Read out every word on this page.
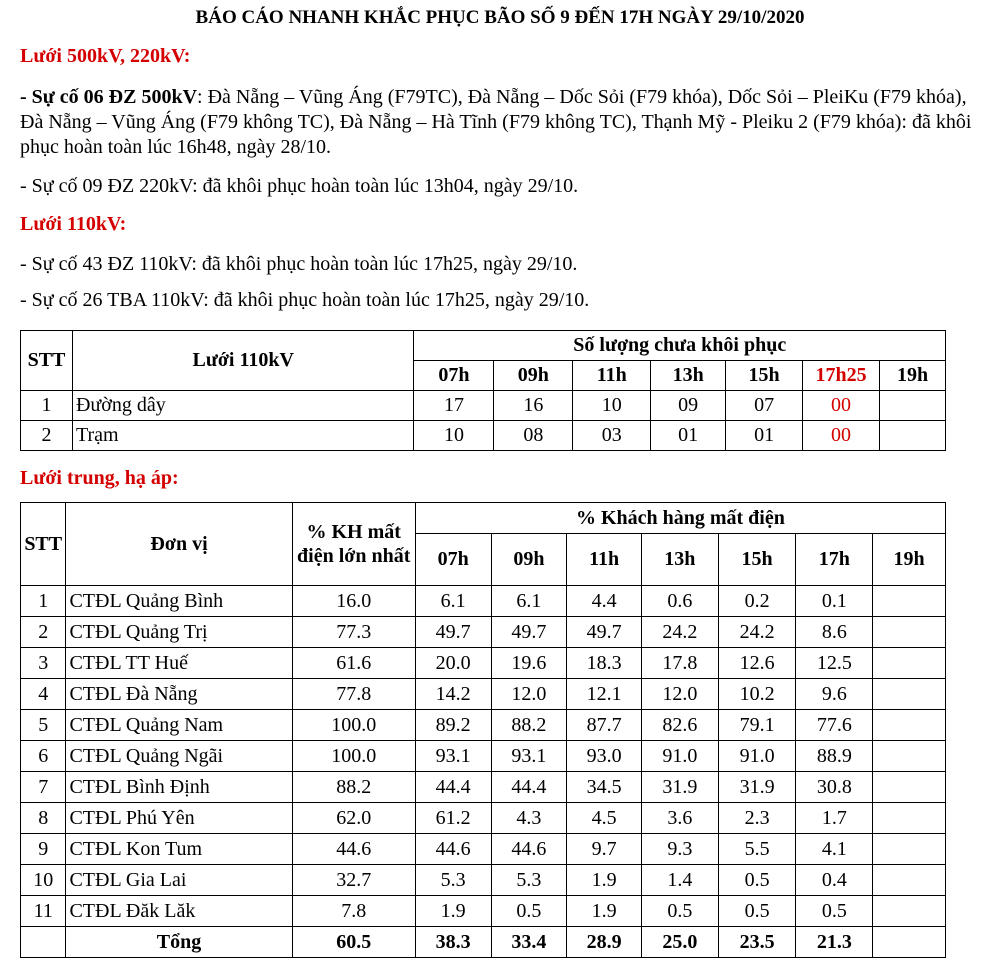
BÁO CÁO NHANH KHẮC PHỤC BÃO SỐ 9 ĐẾN 17H NGÀY 29/10/2020
Lưới 500kV, 220kV:
- Sự cố 06 ĐZ 500kV: Đà Nẵng – Vũng Áng (F79TC), Đà Nẵng – Dốc Sỏi (F79 khóa), Dốc Sỏi – PleiKu (F79 khóa), Đà Nẵng – Vũng Áng (F79 không TC), Đà Nẵng – Hà Tĩnh (F79 không TC), Thạnh Mỹ - Pleiku 2 (F79 khóa): đã khôi phục hoàn toàn lúc 16h48, ngày 28/10.
- Sự cố 09 ĐZ 220kV: đã khôi phục hoàn toàn lúc 13h04, ngày 29/10.
Lưới 110kV:
- Sự cố 43 ĐZ 110kV: đã khôi phục hoàn toàn lúc 17h25, ngày 29/10.
- Sự cố 26 TBA 110kV: đã khôi phục hoàn toàn lúc 17h25, ngày 29/10.
STT	Lưới 110kV	Số lượng chưa khôi phục						
		07h	09h	11h	13h	15h	17h25	19h
1	Đường dây	17	16	10	09	07	00	
2	Trạm	10	08	03	01	01	00	
Lưới trung, hạ áp:
STT	Đơn vị	% KH mất điện lớn nhất	% Khách hàng mất điện						
			07h	09h	11h	13h	15h	17h	19h
1	CTĐL Quảng Bình	16.0	6.1	6.1	4.4	0.6	0.2	0.1	
2	CTĐL Quảng Trị	77.3	49.7	49.7	49.7	24.2	24.2	8.6	
3	CTĐL TT Huế	61.6	20.0	19.6	18.3	17.8	12.6	12.5	
4	CTĐL Đà Nẵng	77.8	14.2	12.0	12.1	12.0	10.2	9.6	
5	CTĐL Quảng Nam	100.0	89.2	88.2	87.7	82.6	79.1	77.6	
6	CTĐL Quảng Ngãi	100.0	93.1	93.1	93.0	91.0	91.0	88.9	
7	CTĐL Bình Định	88.2	44.4	44.4	34.5	31.9	31.9	30.8	
8	CTĐL Phú Yên	62.0	61.2	4.3	4.5	3.6	2.3	1.7	
9	CTĐL Kon Tum	44.6	44.6	44.6	9.7	9.3	5.5	4.1	
10	CTĐL Gia Lai	32.7	5.3	5.3	1.9	1.4	0.5	0.4	
11	CTĐL Đăk Lăk	7.8	1.9	0.5	1.9	0.5	0.5	0.5	
	Tổng	60.5	38.3	33.4	28.9	25.0	23.5	21.3	
